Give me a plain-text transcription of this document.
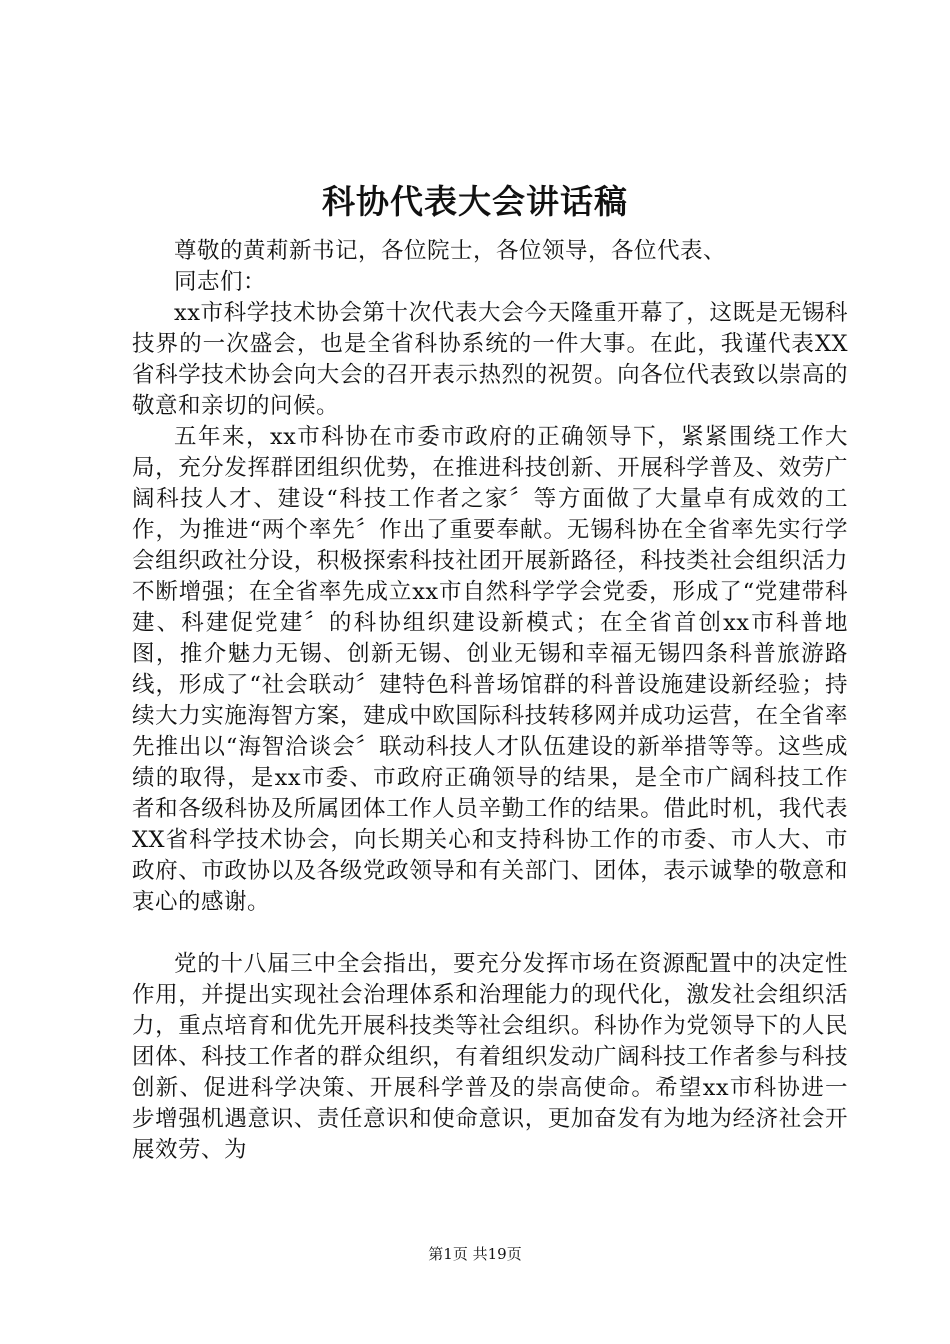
科协代表大会讲话稿

尊敬的黄莉新书记，各位院士，各位领导，各位代表、

同志们：

xx市科学技术协会第十次代表大会今天隆重开幕了，这既是无锡科技界的一次盛会，也是全省科协系统的一件大事。在此，我谨代表XX省科学技术协会向大会的召开表示热烈的祝贺。向各位代表致以崇高的敬意和亲切的问候。

五年来，xx市科协在市委市政府的正确领导下，紧紧围绕工作大局，充分发挥群团组织优势，在推进科技创新、开展科学普及、效劳广阔科技人才、建设“科技工作者之家〞等方面做了大量卓有成效的工作，为推进“两个率先〞作出了重要奉献。无锡科协在全省率先实行学会组织政社分设，积极探索科技社团开展新路径，科技类社会组织活力不断增强；在全省率先成立xx市自然科学学会党委，形成了“党建带科建、科建促党建〞的科协组织建设新模式；在全省首创xx市科普地图，推介魅力无锡、创新无锡、创业无锡和幸福无锡四条科普旅游路线，形成了“社会联动〞建特色科普场馆群的科普设施建设新经验；持续大力实施海智方案，建成中欧国际科技转移网并成功运营，在全省率先推出以“海智洽谈会〞联动科技人才队伍建设的新举措等等。这些成绩的取得，是xx市委、市政府正确领导的结果，是全市广阔科技工作者和各级科协及所属团体工作人员辛勤工作的结果。借此时机，我代表XX省科学技术协会，向长期关心和支持科协工作的市委、市人大、市政府、市政协以及各级党政领导和有关部门、团体，表示诚挚的敬意和衷心的感谢。

党的十八届三中全会指出，要充分发挥市场在资源配置中的决定性作用，并提出实现社会治理体系和治理能力的现代化，激发社会组织活力，重点培育和优先开展科技类等社会组织。科协作为党领导下的人民团体、科技工作者的群众组织，有着组织发动广阔科技工作者参与科技创新、促进科学决策、开展科学普及的崇高使命。希望xx市科协进一步增强机遇意识、责任意识和使命意识，更加奋发有为地为经济社会开展效劳、为

第1页 共19页
